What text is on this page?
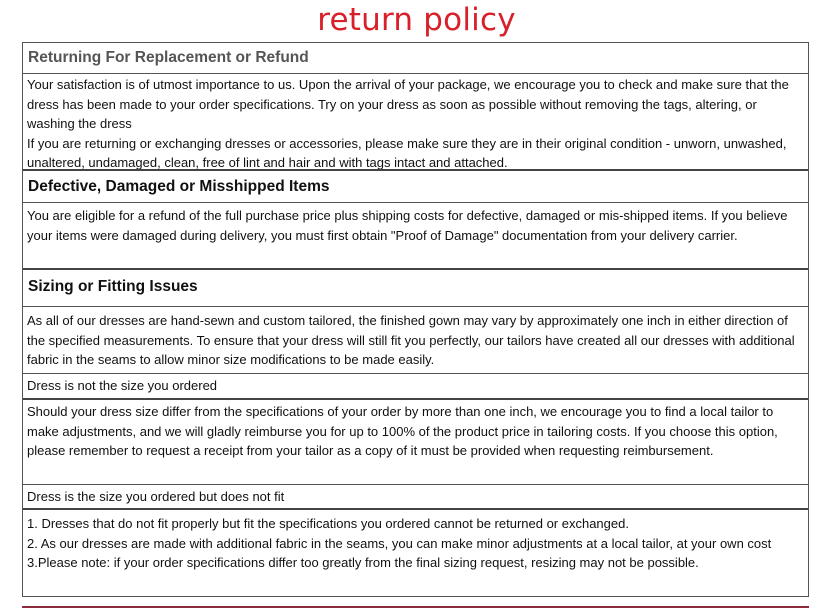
return policy
Returning For Replacement or Refund
Your satisfaction is of utmost importance to us. Upon the arrival of your package, we encourage you to check and make sure that the dress has been made to your order specifications. Try on your dress as soon as possible without removing the tags, altering, or washing the dress
If you are returning or exchanging dresses or accessories, please make sure they are in their original condition - unworn, unwashed, unaltered, undamaged, clean, free of lint and hair and with tags intact and attached.
Defective, Damaged or Misshipped Items
You are eligible for a refund of the full purchase price plus shipping costs for defective, damaged or mis-shipped items. If you believe your items were damaged during delivery, you must first obtain "Proof of Damage" documentation from your delivery carrier.
Sizing or Fitting Issues
As all of our dresses are hand-sewn and custom tailored, the finished gown may vary by approximately one inch in either direction of the specified measurements. To ensure that your dress will still fit you perfectly, our tailors have created all our dresses with additional fabric in the seams to allow minor size modifications to be made easily.
Dress is not the size you ordered
Should your dress size differ from the specifications of your order by more than one inch, we encourage you to find a local tailor to make adjustments, and we will gladly reimburse you for up to 100% of the product price in tailoring costs. If you choose this option, please remember to request a receipt from your tailor as a copy of it must be provided when requesting reimbursement.
Dress is the size you ordered but does not fit
1. Dresses that do not fit properly but fit the specifications you ordered cannot be returned or exchanged.
2. As our dresses are made with additional fabric in the seams, you can make minor adjustments at a local tailor, at your own cost
3.Please note: if your order specifications differ too greatly from the final sizing request, resizing may not be possible.
